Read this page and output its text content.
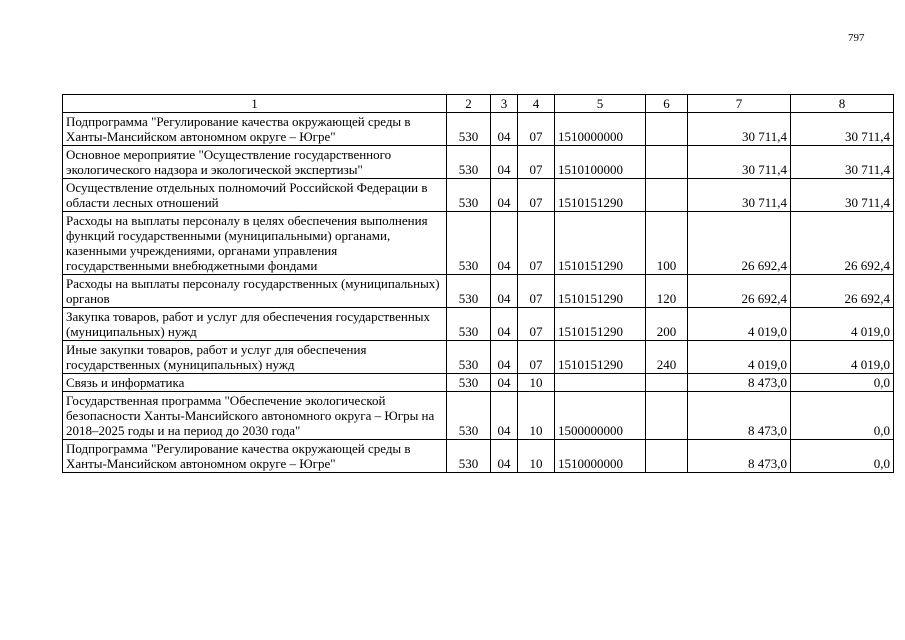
797
1	2	3	4	5	6	7	8
Подпрограмма "Регулирование качества окружающей среды в Ханты-Мансийском автономном округе – Югре"	530	04	07	1510000000		30 711,4	30 711,4
Основное мероприятие "Осуществление государственного экологического надзора и экологической экспертизы"	530	04	07	1510100000		30 711,4	30 711,4
Осуществление отдельных полномочий Российской Федерации в области лесных отношений	530	04	07	1510151290		30 711,4	30 711,4
Расходы на выплаты персоналу в целях обеспечения выполнения функций государственными (муниципальными) органами, казенными учреждениями, органами управления государственными внебюджетными фондами	530	04	07	1510151290	100	26 692,4	26 692,4
Расходы на выплаты персоналу государственных (муниципальных) органов	530	04	07	1510151290	120	26 692,4	26 692,4
Закупка товаров, работ и услуг для обеспечения государственных (муниципальных) нужд	530	04	07	1510151290	200	4 019,0	4 019,0
Иные закупки товаров, работ и услуг для обеспечения государственных (муниципальных) нужд	530	04	07	1510151290	240	4 019,0	4 019,0
Связь и информатика	530	04	10			8 473,0	0,0
Государственная программа "Обеспечение экологической безопасности Ханты-Мансийского автономного округа – Югры на 2018–2025 годы и на период до 2030 года"	530	04	10	1500000000		8 473,0	0,0
Подпрограмма "Регулирование качества окружающей среды в Ханты-Мансийском автономном округе – Югре"	530	04	10	1510000000		8 473,0	0,0
